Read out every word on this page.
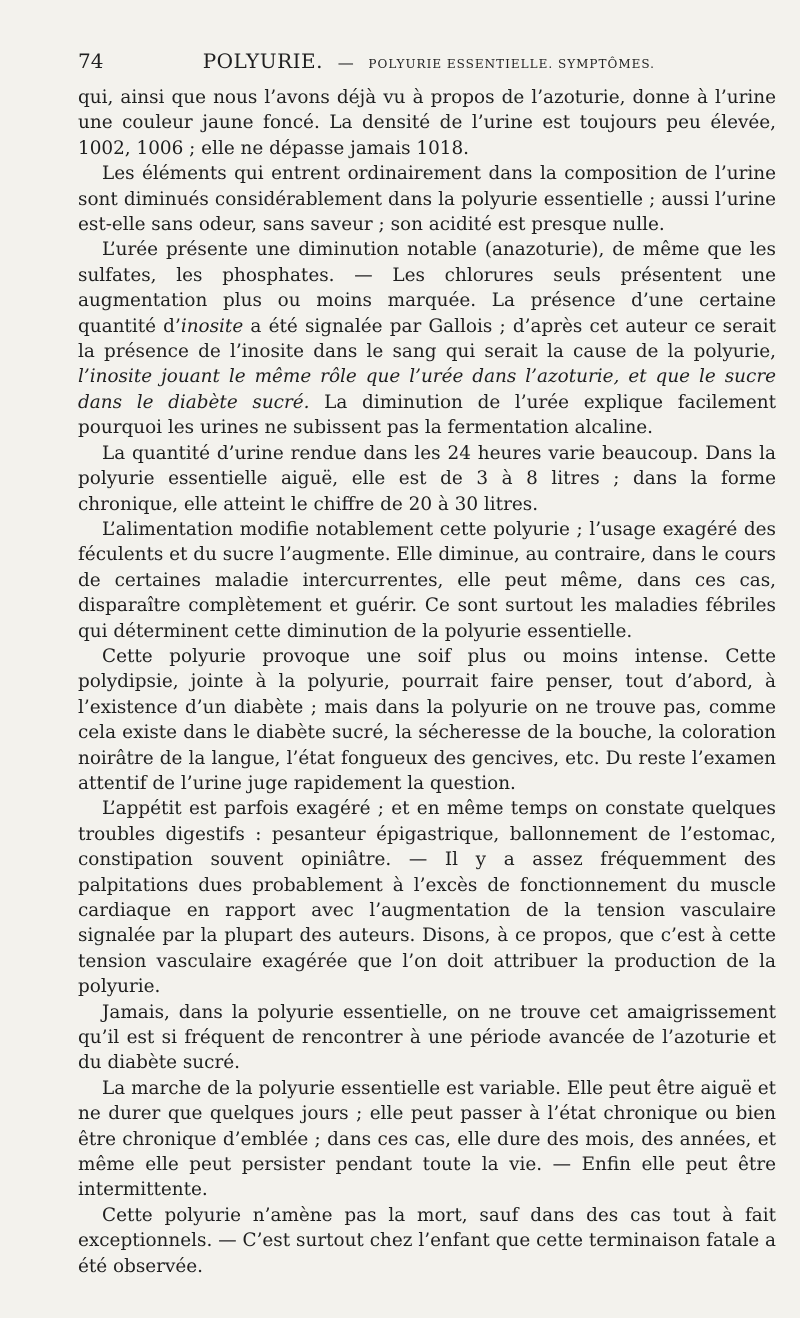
74	POLYURIE. — POLYURIE ESSENTIELLE. SYMPTÔMES.

qui, ainsi que nous l’avons déjà vu à propos de l’azoturie, donne à l’urine une couleur jaune foncé. La densité de l’urine est toujours peu élevée, 1002, 1006 ; elle ne dépasse jamais 1018.

Les éléments qui entrent ordinairement dans la composition de l’urine sont diminués considérablement dans la polyurie essentielle ; aussi l’urine est-elle sans odeur, sans saveur ; son acidité est presque nulle.

L’urée présente une diminution notable (anazoturie), de même que les sulfates, les phosphates. — Les chlorures seuls présentent une augmentation plus ou moins marquée. La présence d’une certaine quantité d’inosite a été signalée par Gallois ; d’après cet auteur ce serait la présence de l’inosite dans le sang qui serait la cause de la polyurie, l’inosite jouant le même rôle que l’urée dans l’azoturie, et que le sucre dans le diabète sucré. La diminution de l’urée explique facilement pourquoi les urines ne subissent pas la fermentation alcaline.

La quantité d’urine rendue dans les 24 heures varie beaucoup. Dans la polyurie essentielle aiguë, elle est de 3 à 8 litres ; dans la forme chronique, elle atteint le chiffre de 20 à 30 litres.

L’alimentation modifie notablement cette polyurie ; l’usage exagéré des féculents et du sucre l’augmente. Elle diminue, au contraire, dans le cours de certaines maladie intercurrentes, elle peut même, dans ces cas, disparaître complètement et guérir. Ce sont surtout les maladies fébriles qui déterminent cette diminution de la polyurie essentielle.

Cette polyurie provoque une soif plus ou moins intense. Cette polydipsie, jointe à la polyurie, pourrait faire penser, tout d’abord, à l’existence d’un diabète ; mais dans la polyurie on ne trouve pas, comme cela existe dans le diabète sucré, la sécheresse de la bouche, la coloration noirâtre de la langue, l’état fongueux des gencives, etc. Du reste l’examen attentif de l’urine juge rapidement la question.

L’appétit est parfois exagéré ; et en même temps on constate quelques troubles digestifs : pesanteur épigastrique, ballonnement de l’estomac, constipation souvent opiniâtre. — Il y a assez fréquemment des palpitations dues probablement à l’excès de fonctionnement du muscle cardiaque en rapport avec l’augmentation de la tension vasculaire signalée par la plupart des auteurs. Disons, à ce propos, que c’est à cette tension vasculaire exagérée que l’on doit attribuer la production de la polyurie.

Jamais, dans la polyurie essentielle, on ne trouve cet amaigrissement qu’il est si fréquent de rencontrer à une période avancée de l’azoturie et du diabète sucré.

La marche de la polyurie essentielle est variable. Elle peut être aiguë et ne durer que quelques jours ; elle peut passer à l’état chronique ou bien être chronique d’emblée ; dans ces cas, elle dure des mois, des années, et même elle peut persister pendant toute la vie. — Enfin elle peut être intermittente.

Cette polyurie n’amène pas la mort, sauf dans des cas tout à fait exceptionnels. — C’est surtout chez l’enfant que cette terminaison fatale a été observée.
